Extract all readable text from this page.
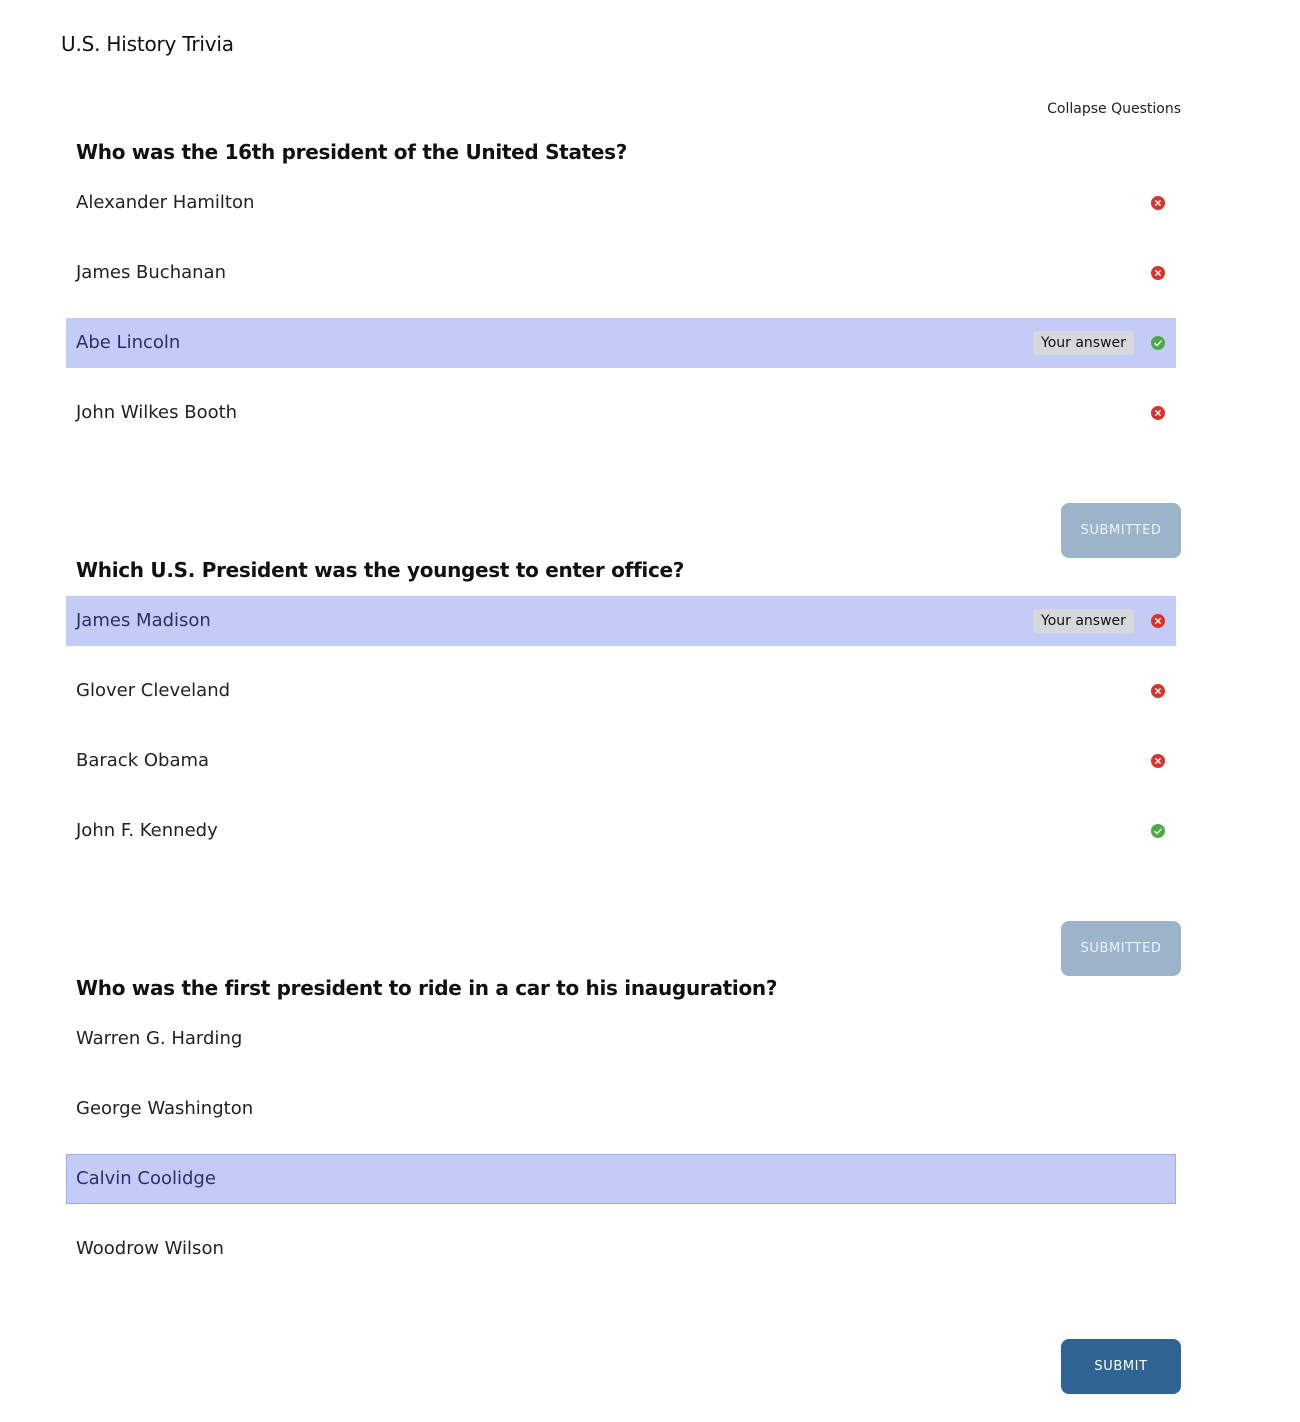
U.S. History Trivia
Collapse Questions
Who was the 16th president of the United States?
Alexander Hamilton
James Buchanan
Abe Lincoln	Your answer
John Wilkes Booth
SUBMITTED
Which U.S. President was the youngest to enter office?
James Madison	Your answer
Glover Cleveland
Barack Obama
John F. Kennedy
SUBMITTED
Who was the first president to ride in a car to his inauguration?
Warren G. Harding
George Washington
Calvin Coolidge
Woodrow Wilson
SUBMIT
